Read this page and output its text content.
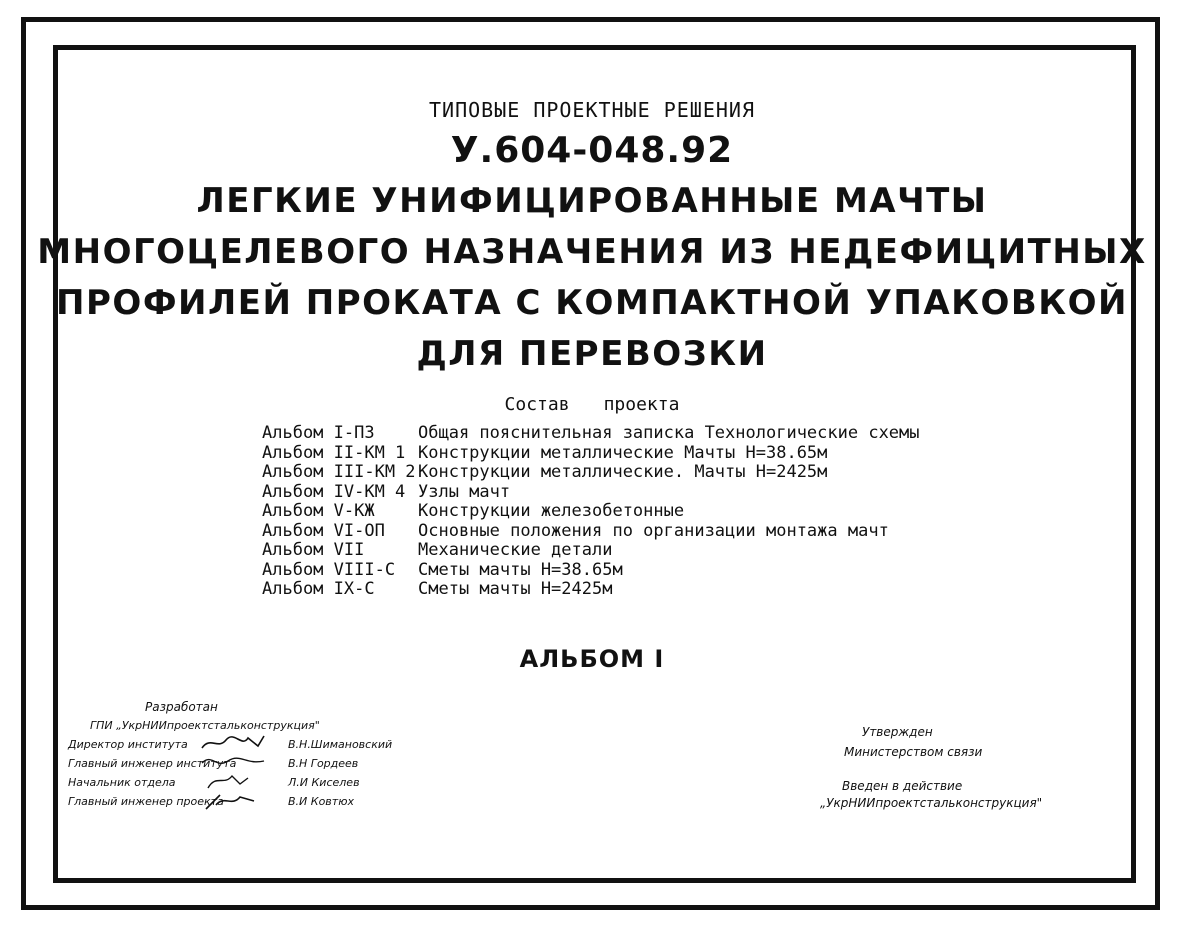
ТИПОВЫЕ ПРОЕКТНЫЕ РЕШЕНИЯ
У.604-048.92
ЛЕГКИЕ УНИФИЦИРОВАННЫЕ МАЧТЫ
МНОГОЦЕЛЕВОГО НАЗНАЧЕНИЯ ИЗ НЕДЕФИЦИТНЫХ
ПРОФИЛЕЙ ПРОКАТА С КОМПАКТНОЙ УПАКОВКОЙ
ДЛЯ ПЕРЕВОЗКИ
Состав проекта
Альбом I-ПЗ	Общая пояснительная записка Технологические схемы
Альбом II-КМ 1 Конструкции металлические Мачты Н=38.65м
Альбом III-КМ 2 Конструкции металлические. Мачты Н=2425м
Альбом IV-КМ 4 Узлы мачт
Альбом V-КЖ	Конструкции железобетонные
Альбом VI-ОП	Основные положения по организации монтажа мачт
Альбом VII	Механические детали
Альбом VIII-С	Сметы мачты Н=38.65м
Альбом IX-С	Сметы мачты Н=2425м
АЛЬБОМ I
Разработан
ГПИ „УкрНИИпроектстальконструкция"
Директор института	В.Н.Шимановский
Главный инженер института	В.Н Гордеев
Начальник отдела	Л.И Киселев
Главный инженер проекта	В.И Ковтюх
Утвержден
Министерством связи
Введен в действие
„УкрНИИпроектстальконструкция"
